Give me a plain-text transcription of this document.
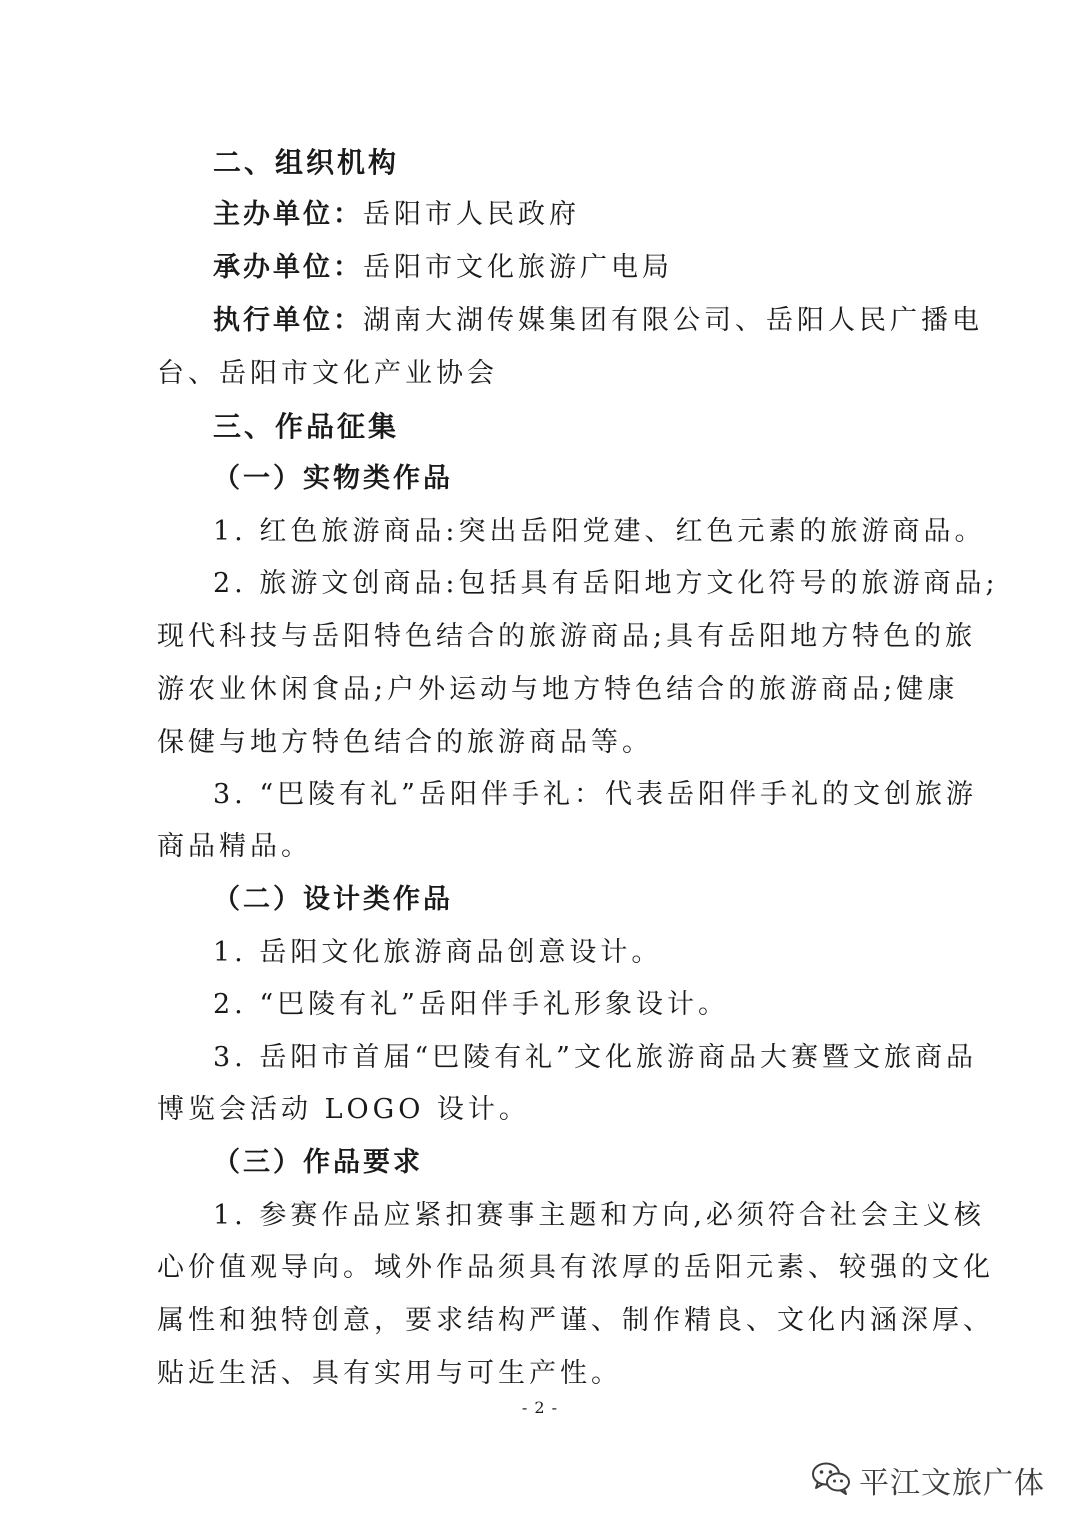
二、组织机构
主办单位：岳阳市人民政府
承办单位：岳阳市文化旅游广电局
执行单位：湖南大湖传媒集团有限公司、岳阳人民广播电
台、岳阳市文化产业协会
三、作品征集
（一）实物类作品
1. 红色旅游商品:突出岳阳党建、红色元素的旅游商品。
2. 旅游文创商品:包括具有岳阳地方文化符号的旅游商品;
现代科技与岳阳特色结合的旅游商品;具有岳阳地方特色的旅
游农业休闲食品;户外运动与地方特色结合的旅游商品;健康
保健与地方特色结合的旅游商品等。
3. “巴陵有礼”岳阳伴手礼：代表岳阳伴手礼的文创旅游
商品精品。
（二）设计类作品
1. 岳阳文化旅游商品创意设计。
2. “巴陵有礼”岳阳伴手礼形象设计。
3. 岳阳市首届“巴陵有礼”文化旅游商品大赛暨文旅商品
博览会活动 LOGO 设计。
（三）作品要求
1. 参赛作品应紧扣赛事主题和方向,必须符合社会主义核
心价值观导向。域外作品须具有浓厚的岳阳元素、较强的文化
属性和独特创意，要求结构严谨、制作精良、文化内涵深厚、
贴近生活、具有实用与可生产性。
- 2 -
平江文旅广体
